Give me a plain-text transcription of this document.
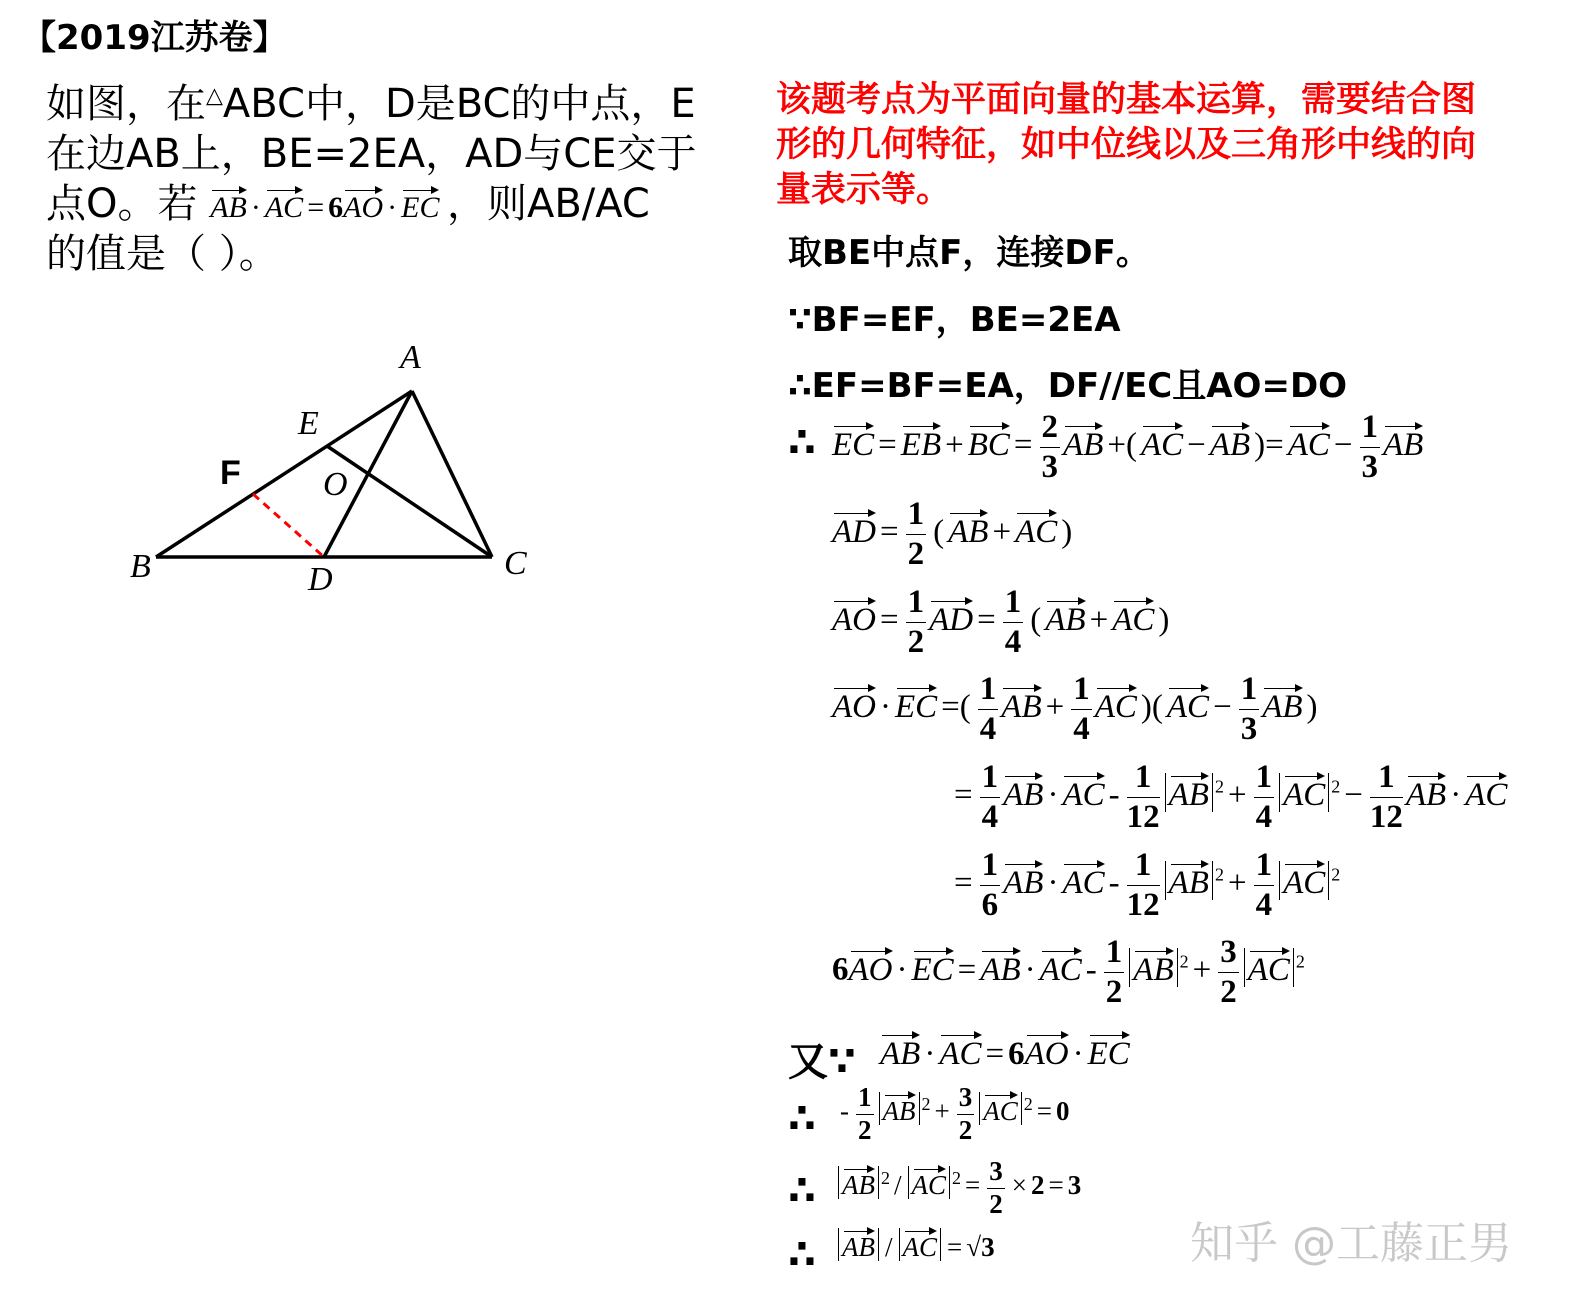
【2019江苏卷】
如图，在△ABC中，D是BC的中点，E
在边AB上，BE=2EA，AD与CE交于
点O。若 AB · AC = 6AO · EC ，则AB/AC
的值是（ ）。
A
B	C
D
E
O
F
该题考点为平面向量的基本运算，需要结合图
形的几何特征，如中位线以及三角形中线的向
量表示等。
取BE中点F，连接DF。
∵BF=EF，BE=2EA
∴EF=BF=EA，DF//EC且AO=DO
∴ EC = EB + BC = $\frac{2}{3}$ AB +( AC − AB )= AC − $\frac{1}{3}$ AB
AD = $\frac{1}{2}$ ( AB + AC )
AO = $\frac{1}{2}$ AD = $\frac{1}{4}$ ( AB + AC )
AO · EC =( $\frac{1}{4}$ AB + $\frac{1}{4}$ AC )( AC − $\frac{1}{3}$ AB )
= $\frac{1}{4}$ AB · AC - $\frac{1}{12}$ AB $^2 + \frac{1}{4}$ AC $^2 - \frac{1}{12}$ AB · AC
= $\frac{1}{6}$ AB · AC - $\frac{1}{12}$ AB $^2 + \frac{1}{4}$ AC $^2$
6AO · EC = AB · AC - $\frac{1}{2}$ AB $^2 + \frac{3}{2}$ AC $^2$
又∵ AB · AC = 6AO · EC
∴ - $\frac{1}{2}$ AB $^2 + \frac{3}{2}$ AC $^2$ = 0
∴ AB $^2$ / AC $^2 = \frac{3}{2} \times 2 = 3$
∴ AB / AC = √3	知乎 @工藤正男
